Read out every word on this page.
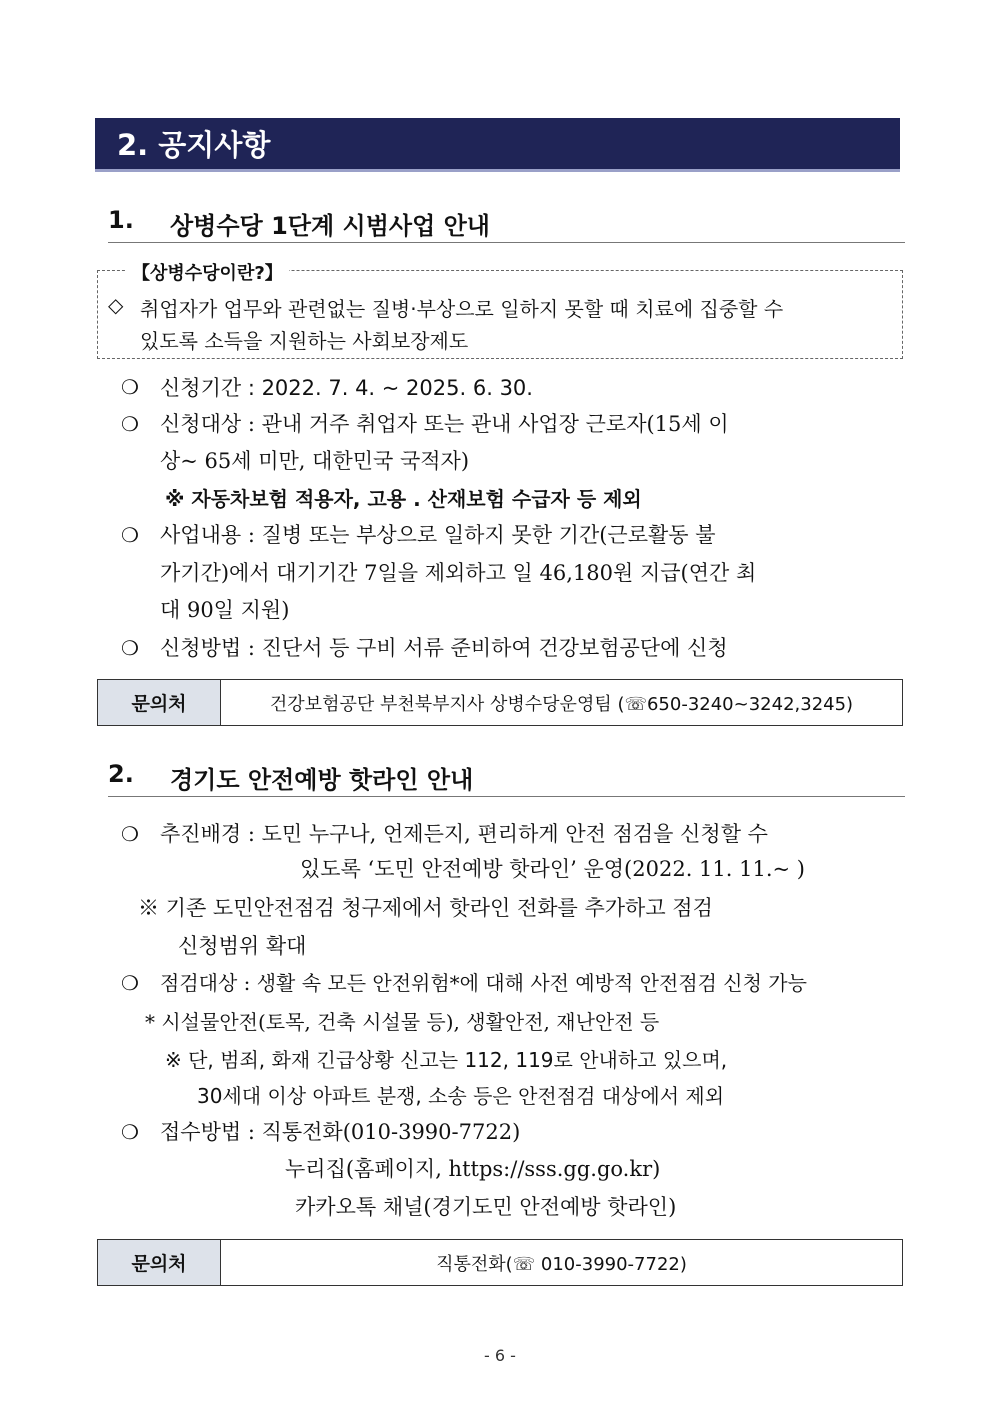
2. 공지사항
1. 상병수당 1단계 시범사업 안내
【상병수당이란?】
◇ 취업자가 업무와 관련없는 질병·부상으로 일하지 못할 때 치료에 집중할 수
있도록 소득을 지원하는 사회보장제도
❍ 신청기간 : 2022. 7. 4. ~ 2025. 6. 30.
❍ 신청대상 : 관내 거주 취업자 또는 관내 사업장 근로자(15세 이
상~ 65세 미만, 대한민국 국적자)
※ 자동차보험 적용자, 고용 . 산재보험 수급자 등 제외
❍ 사업내용 : 질병 또는 부상으로 일하지 못한 기간(근로활동 불
가기간)에서 대기기간 7일을 제외하고 일 46,180원 지급(연간 최
대 90일 지원)
❍ 신청방법 : 진단서 등 구비 서류 준비하여 건강보험공단에 신청
문의처	건강보험공단 부천북부지사 상병수당운영팀 (☏650-3240~3242,3245)
2. 경기도 안전예방 핫라인 안내
❍ 추진배경 : 도민 누구나, 언제든지, 편리하게 안전 점검을 신청할 수
있도록 ‘도민 안전예방 핫라인’ 운영(2022. 11. 11.~ )
※ 기존 도민안전점검 청구제에서 핫라인 전화를 추가하고 점검
신청범위 확대
❍ 점검대상 : 생활 속 모든 안전위험*에 대해 사전 예방적 안전점검 신청 가능
* 시설물안전(토목, 건축 시설물 등), 생활안전, 재난안전 등
※ 단, 범죄, 화재 긴급상황 신고는 112, 119로 안내하고 있으며,
30세대 이상 아파트 분쟁, 소송 등은 안전점검 대상에서 제외
❍ 접수방법 : 직통전화(010-3990-7722)
누리집(홈페이지, https://sss.gg.go.kr)
카카오톡 채널(경기도민 안전예방 핫라인)
문의처	직통전화(☏ 010-3990-7722)
- 6 -
